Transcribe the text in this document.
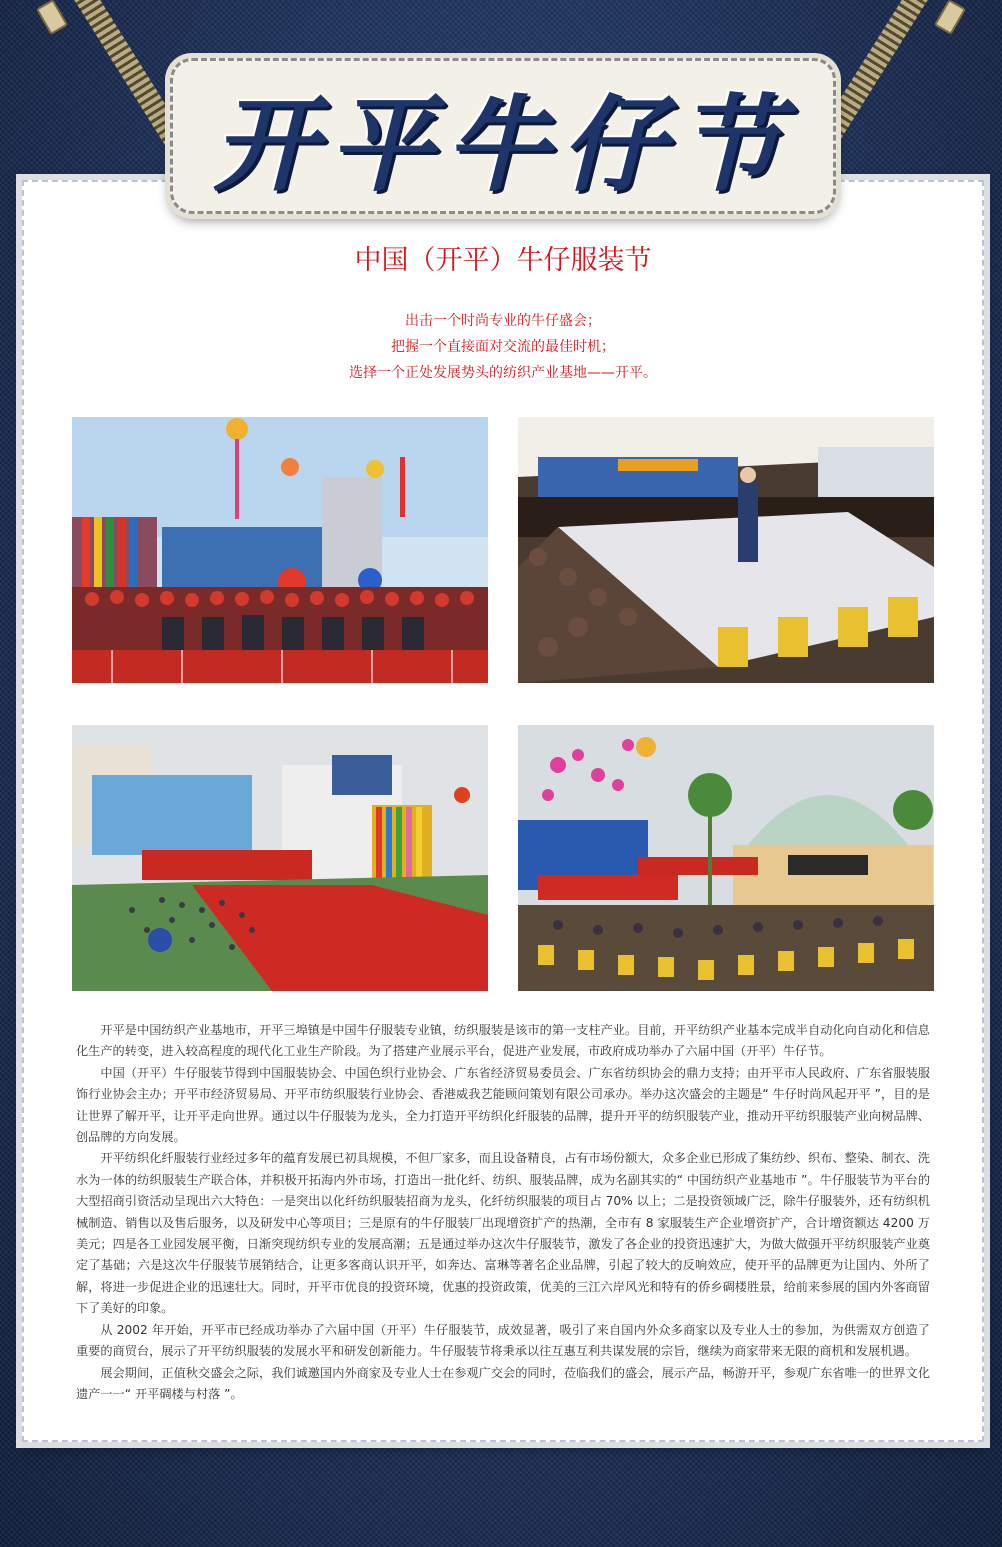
中国（开平）牛仔服装节
出击一个时尚专业的牛仔盛会；
把握一个直接面对交流的最佳时机；
选择一个正处发展势头的纺织产业基地——开平。

开平是中国纺织产业基地市，开平三埠镇是中国牛仔服装专业镇，纺织服装是该市的第一支柱产业。目前，开平纺织产业基本完成半自动化向自动化和信息化生产的转变，进入较高程度的现代化工业生产阶段。为了搭建产业展示平台，促进产业发展，市政府成功举办了六届中国（开平）牛仔节。

中国（开平）牛仔服装节得到中国服装协会、中国色织行业协会、广东省经济贸易委员会、广东省纺织协会的鼎力支持；由开平市人民政府、广东省服装服饰行业协会主办；开平市经济贸易局、开平市纺织服装行业协会、香港威我艺能顾问策划有限公司承办。举办这次盛会的主题是“ 牛仔时尚风起开平 ”，目的是让世界了解开平，让开平走向世界。通过以牛仔服装为龙头，全力打造开平纺织化纤服装的品牌，提升开平的纺织服装产业，推动开平纺织服装产业向树品牌、创品牌的方向发展。

开平纺织化纤服装行业经过多年的蕴育发展已初具规模，不但厂家多，而且设备精良，占有市场份额大，众多企业已形成了集纺纱、织布、整染、制衣、洗水为一体的纺织服装生产联合体，并积极开拓海内外市场，打造出一批化纤、纺织、服装品牌，成为名副其实的“ 中国纺织产业基地市 ”。牛仔服装节为平台的大型招商引资活动呈现出六大特色：一是突出以化纤纺织服装招商为龙头，化纤纺织服装的项目占 70% 以上；二是投资领域广泛，除牛仔服装外，还有纺织机械制造、销售以及售后服务，以及研发中心等项目；三是原有的牛仔服装厂出现增资扩产的热潮，全市有 8 家服装生产企业增资扩产，合计增资额达 4200 万美元；四是各工业园发展平衡，日渐突现纺织专业的发展高潮；五是通过举办这次牛仔服装节，激发了各企业的投资迅速扩大，为做大做强开平纺织服装产业奠定了基础；六是这次牛仔服装节展销结合，让更多客商认识开平，如奔达、富琳等著名企业品牌，引起了较大的反响效应，使开平的品牌更为让国内、外所了解，将进一步促进企业的迅速壮大。同时，开平市优良的投资环境，优惠的投资政策，优美的三江六岸风光和特有的侨乡碉楼胜景，给前来参展的国内外客商留下了美好的印象。

从 2002 年开始，开平市已经成功举办了六届中国（开平）牛仔服装节，成效显著，吸引了来自国内外众多商家以及专业人士的参加，为供需双方创造了重要的商贸台，展示了开平纺织服装的发展水平和研发创新能力。牛仔服装节将秉承以往互惠互利共谋发展的宗旨，继续为商家带来无限的商机和发展机遇。

展会期间，正值秋交盛会之际，我们诚邀国内外商家及专业人士在参观广交会的同时，莅临我们的盛会，展示产品，畅游开平，参观广东省唯一的世界文化遗产一一“ 开平碉楼与村落 ”。

开平牛仔节
